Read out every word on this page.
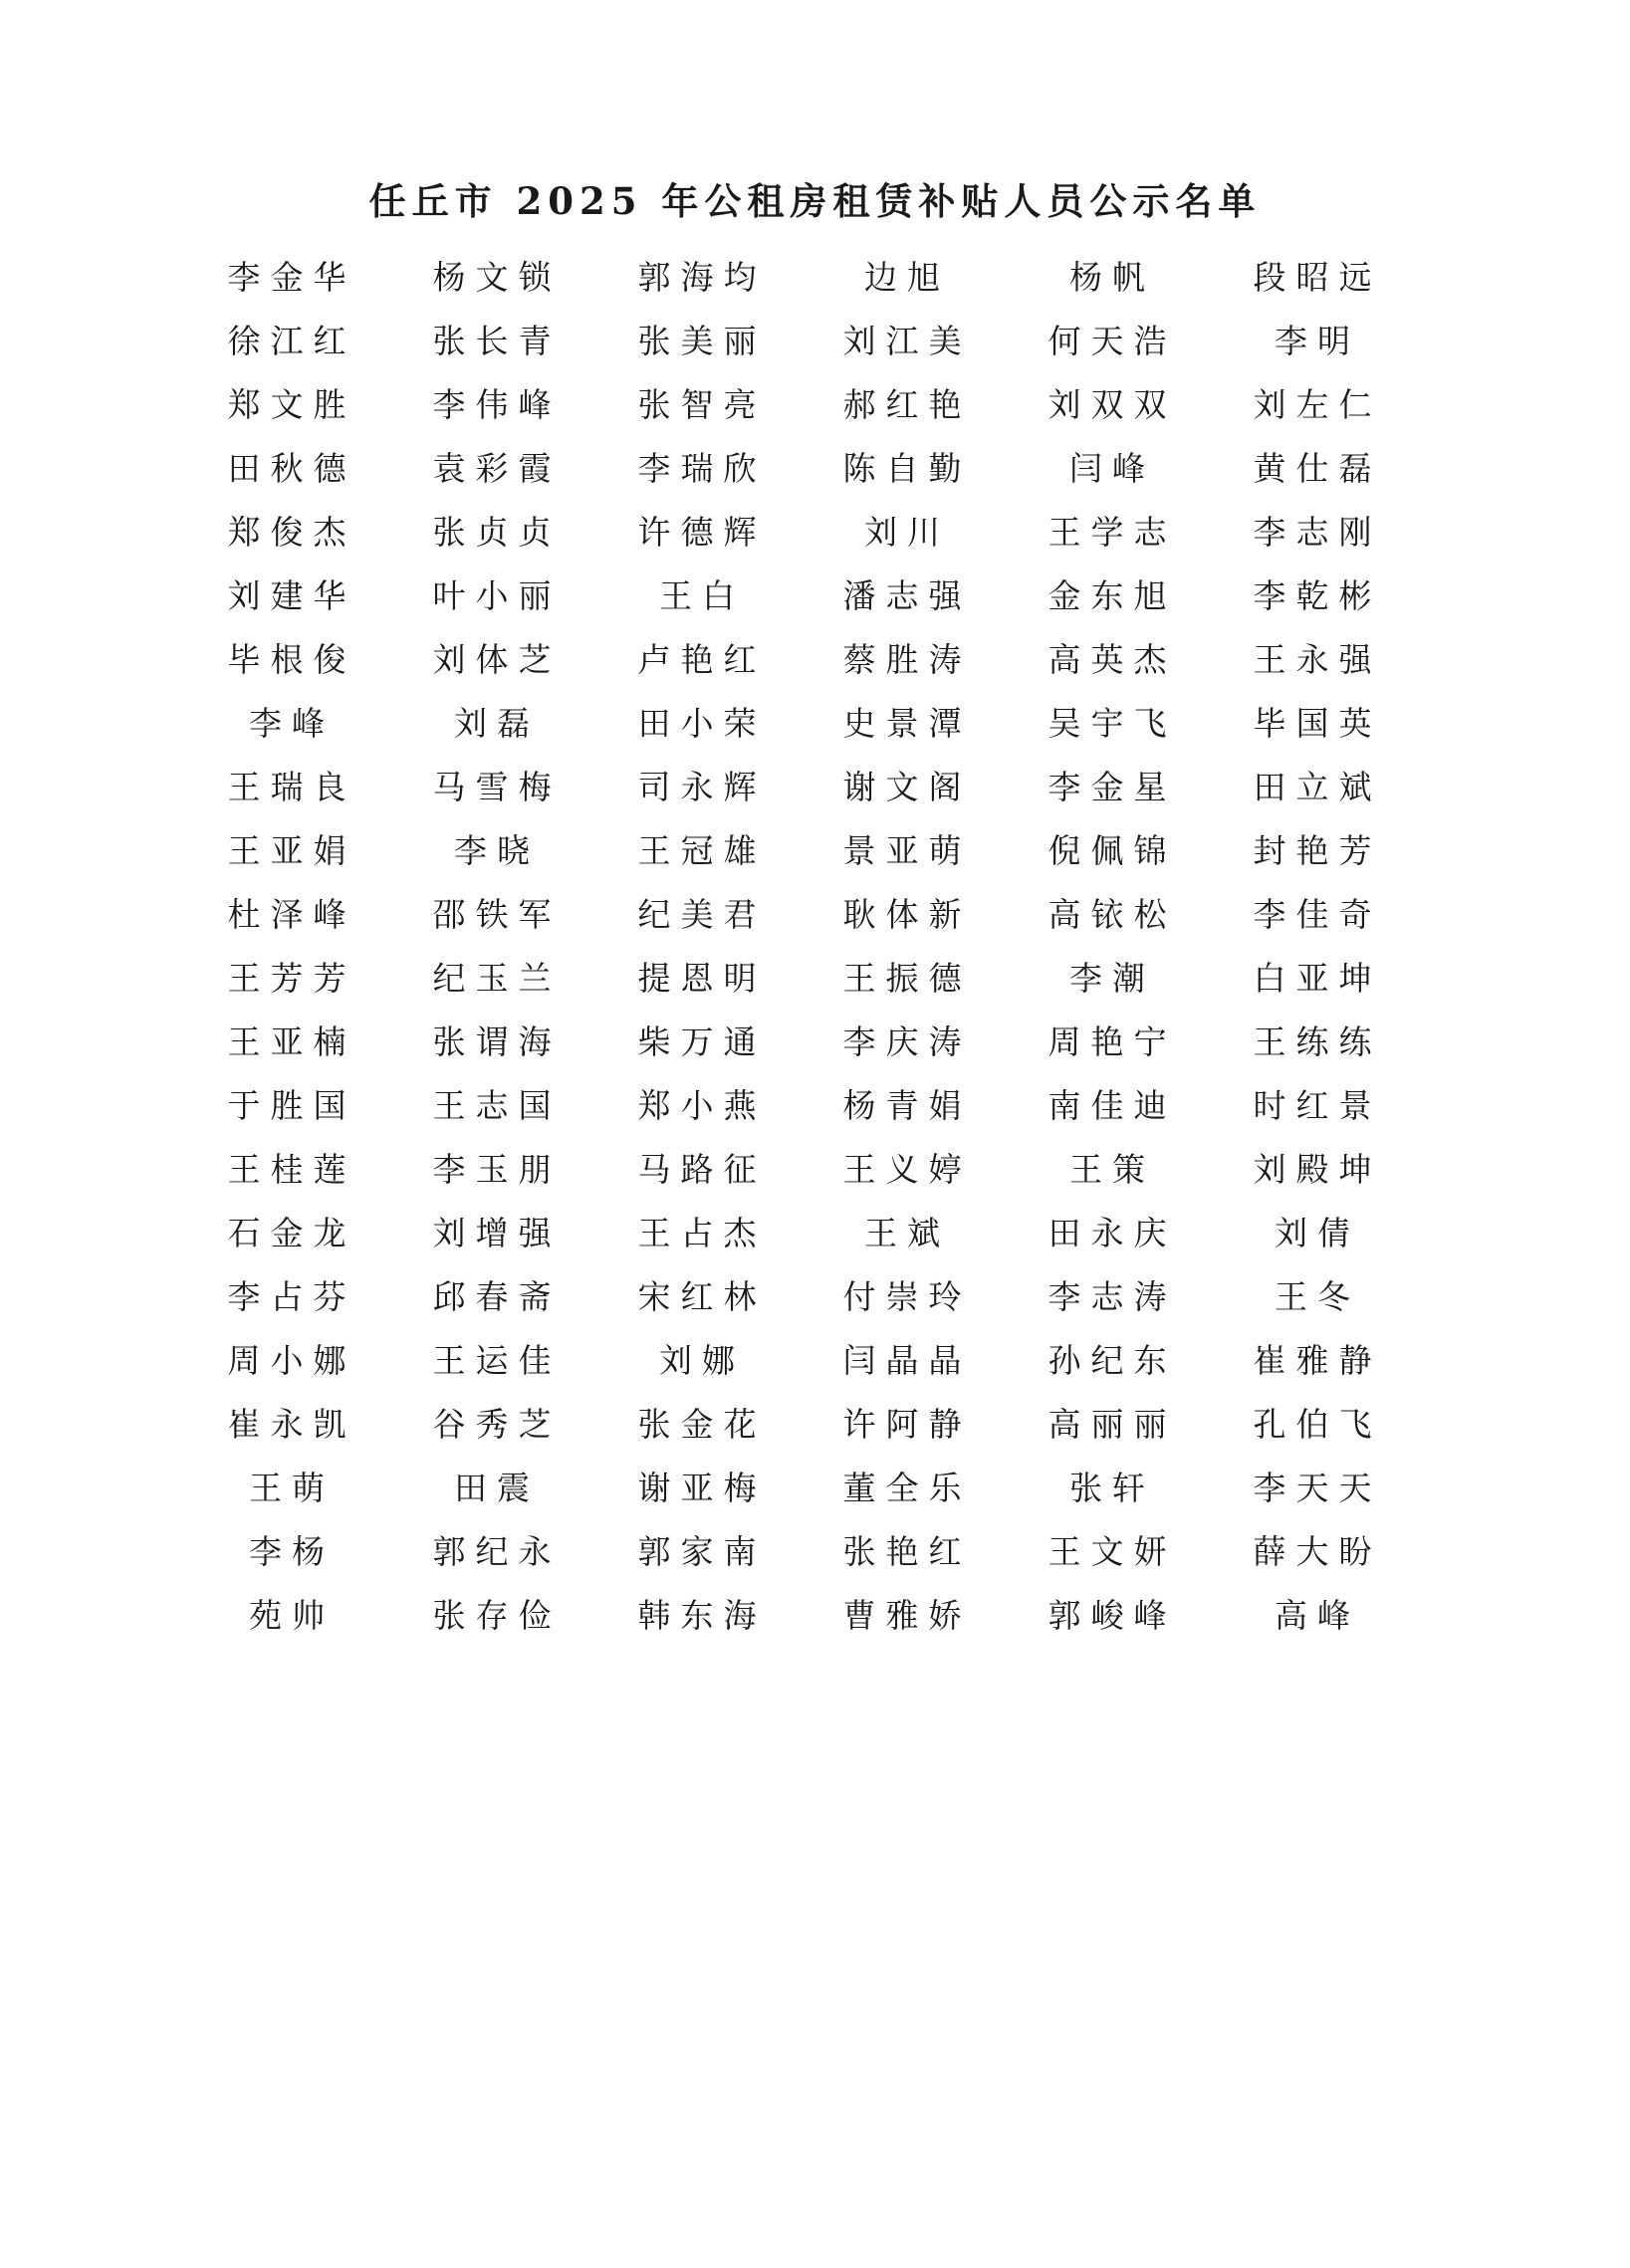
任丘市 2025 年公租房租赁补贴人员公示名单
李金华	杨文锁	郭海均	边旭	杨帆	段昭远
徐江红	张长青	张美丽	刘江美	何天浩	李明
郑文胜	李伟峰	张智亮	郝红艳	刘双双	刘左仁
田秋德	袁彩霞	李瑞欣	陈自勤	闫峰	黄仕磊
郑俊杰	张贞贞	许德辉	刘川	王学志	李志刚
刘建华	叶小丽	王白	潘志强	金东旭	李乾彬
毕根俊	刘体芝	卢艳红	蔡胜涛	高英杰	王永强
李峰	刘磊	田小荣	史景潭	吴宇飞	毕国英
王瑞良	马雪梅	司永辉	谢文阁	李金星	田立斌
王亚娟	李晓	王冠雄	景亚萌	倪佩锦	封艳芳
杜泽峰	邵铁军	纪美君	耿体新	高铱松	李佳奇
王芳芳	纪玉兰	提恩明	王振德	李潮	白亚坤
王亚楠	张谓海	柴万通	李庆涛	周艳宁	王练练
于胜国	王志国	郑小燕	杨青娟	南佳迪	时红景
王桂莲	李玉朋	马路征	王义婷	王策	刘殿坤
石金龙	刘增强	王占杰	王斌	田永庆	刘倩
李占芬	邱春斋	宋红林	付崇玲	李志涛	王冬
周小娜	王运佳	刘娜	闫晶晶	孙纪东	崔雅静
崔永凯	谷秀芝	张金花	许阿静	高丽丽	孔伯飞
王萌	田震	谢亚梅	董全乐	张轩	李天天
李杨	郭纪永	郭家南	张艳红	王文妍	薛大盼
苑帅	张存俭	韩东海	曹雅娇	郭峻峰	高峰
